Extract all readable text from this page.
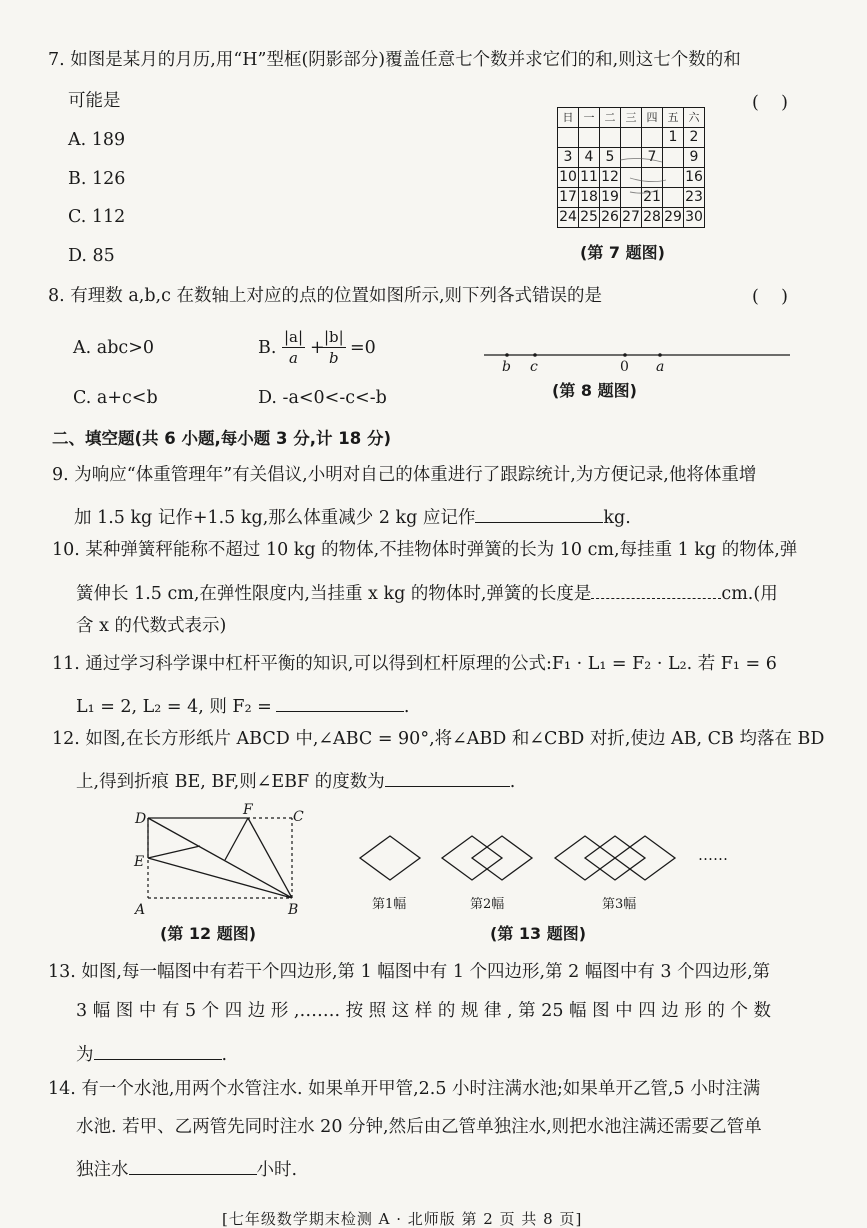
7. 如图是某月的月历,用“H”型框(阴影部分)覆盖任意七个数并求它们的和,则这七个数的和
可能是	(    )
A. 189
B. 126
C. 112
D. 85
日	一	二	三	四	五	六
					1	2
3	4	5		7		9
10	11	12				16
17	18	19		21		23
24	25	26	27	28	29	30
(第 7 题图)
8. 有理数 a,b,c 在数轴上对应的点的位置如图所示,则下列各式错误的是	(    )
A. abc>0	B. $\frac{|a|}{a}$ +
$\frac{|b|}{b} =0$
C. a+c<b	D. -a<0<-c<-b
b c	0 a
(第 8 题图)
二、填空题(共 6 小题,每小题 3 分,计 18 分)
9. 为响应“体重管理年”有关倡议,小明对自己的体重进行了跟踪统计,为方便记录,他将体重增
加 1.5 kg 记作+1.5 kg,那么体重减少 2 kg 应记作	kg.
10. 某种弹簧秤能称不超过 10 kg 的物体,不挂物体时弹簧的长为 10 cm,每挂重 1 kg 的物体,弹
簧伸长 1.5 cm,在弹性限度内,当挂重 x kg 的物体时,弹簧的长度是	cm.(用
含 x 的代数式表示)
11. 通过学习科学课中杠杆平衡的知识,可以得到杠杆原理的公式:F₁ · L₁ = F₂ · L₂. 若 F₁ = 6
L₁ = 2, L₂ = 4, 则 F₂ =	.
12. 如图,在长方形纸片 ABCD 中,∠ABC = 90°,将∠ABD 和∠CBD 对折,使边 AB, CB 均落在 BD
上,得到折痕 BE, BF,则∠EBF 的度数为	.
D
F	C
E
A	B
(第 12 题图)
……
第1幅	第2幅	第3幅
(第 13 题图)
13. 如图,每一幅图中有若干个四边形,第 1 幅图中有 1 个四边形,第 2 幅图中有 3 个四边形,第
3 幅 图 中 有 5 个 四 边 形 ,……. 按 照 这 样 的 规 律 , 第 25 幅 图 中 四 边 形 的 个 数
为	.
14. 有一个水池,用两个水管注水. 如果单开甲管,2.5 小时注满水池;如果单开乙管,5 小时注满
水池. 若甲、乙两管先同时注水 20 分钟,然后由乙管单独注水,则把水池注满还需要乙管单
独注水	小时.
[七年级数学期末检测 A · 北师版 第 2 页 共 8 页]
